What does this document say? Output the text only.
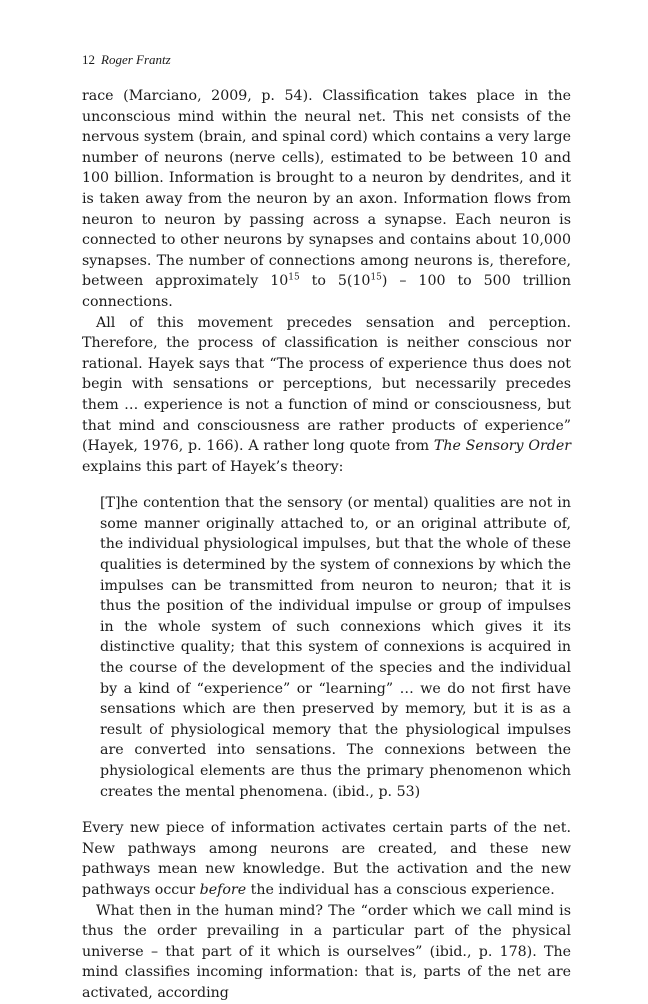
12 Roger Frantz

race (Marciano, 2009, p. 54). Classification takes place in the unconscious mind within the neural net. This net consists of the nervous system (brain, and spinal cord) which contains a very large number of neurons (nerve cells), estimated to be between 10 and 100 billion. Information is brought to a neuron by dendrites, and it is taken away from the neuron by an axon. Information flows from neuron to neuron by passing across a synapse. Each neuron is connected to other neurons by synapses and contains about 10,000 synapses. The number of connections among neurons is, therefore, between approximately $10^{15}$ to $5(10^{15}) - 100$ to 500 trillion connections.

All of this movement precedes sensation and perception. Therefore, the process of classification is neither conscious nor rational. Hayek says that “The process of experience thus does not begin with sensations or perceptions, but necessarily precedes them … experience is not a function of mind or consciousness, but that mind and consciousness are rather products of experience” (Hayek, 1976, p. 166). A rather long quote from The Sensory Order explains this part of Hayek’s theory:

[T]he contention that the sensory (or mental) qualities are not in some manner originally attached to, or an original attribute of, the individual physiological impulses, but that the whole of these qualities is determined by the system of connexions by which the impulses can be transmitted from neuron to neuron; that it is thus the position of the individual impulse or group of impulses in the whole system of such connexions which gives it its distinctive quality; that this system of connexions is acquired in the course of the development of the species and the individual by a kind of “experience” or “learning” … we do not first have sensations which are then preserved by memory, but it is as a result of physiological memory that the physiological impulses are converted into sensations. The connexions between the physiological elements are thus the primary phenomenon which creates the mental phenomena. (ibid., p. 53)

Every new piece of information activates certain parts of the net. New pathways among neurons are created, and these new pathways mean new knowledge. But the activation and the new pathways occur before the individual has a conscious experience.

What then in the human mind? The “order which we call mind is thus the order prevailing in a particular part of the physical universe – that part of it which is ourselves” (ibid., p. 178). The mind classifies incoming information: that is, parts of the net are activated, according
